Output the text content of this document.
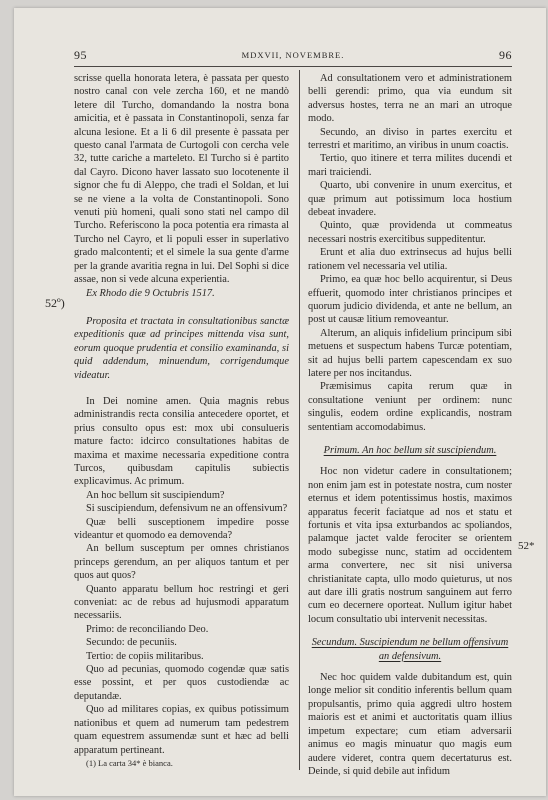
95	MDXVII, NOVEMBRE.	96
52º)
52*

scrisse quella honorata letera, è passata per questo nostro canal con vele zercha 160, et ne mandò letere dil Turcho, domandando la nostra bona amicitia, et è passata in Constantinopoli, senza far alcuna lesione. Et a li 6 dil presente è passata per questo canal l'armata de Curtogoli con cercha vele 32, tutte cariche a marteleto. El Turcho si è partito dal Cayro. Dicono haver lassato suo locotenente il signor che fu di Aleppo, che tradì el Soldan, et lui se ne viene a la volta de Constantinopoli. Sono venuti più homeni, quali sono stati nel campo dil Turcho. Referiscono la poca potentia era rimasta al Turcho nel Cayro, et li populi esser in superlativo grado malcontenti; et el simele la sua gente d'arme per la grande avaritia regna in lui. Del Sophi si dice assae, non si vede alcuna experientia.

Ex Rhodo die 9 Octubris 1517.

Proposita et tractata in consultationibus sanctæ expeditionis quæ ad principes mittenda visa sunt, eorum quoque prudentia et consilio examinanda, si quid addendum, minuendum, corrigendumque videatur.

In Dei nomine amen. Quia magnis rebus administrandis recta consilia antecedere oportet, et prius consulto opus est: mox ubi consulueris mature facto: idcirco consultationes habitas de maxima et maxime necessaria expeditione contra Turcos, quibusdam capitulis subiectis explicavimus. Ac primum.

An hoc bellum sit suscipiendum?

Si suscipiendum, defensivum ne an offensivum?

Quæ belli susceptionem impedire posse videantur et quomodo ea demovenda?

An bellum susceptum per omnes christianos princeps gerendum, an per aliquos tantum et per quos aut quos?

Quanto apparatu bellum hoc restringi et geri conveniat: ac de rebus ad hujusmodi apparatum necessariis.

Primo: de reconciliando Deo.

Secundo: de pecuniis.

Tertio: de copiis militaribus.

Quo ad pecunias, quomodo cogendæ quæ satis esse possint, et per quos custodiendæ ac deputandæ.

Quo ad militares copias, ex quibus potissimum nationibus et quem ad numerum tam pedestrem quam equestrem assumendæ sunt et hæc ad belli apparatum pertineant.

(1) La carta 34* è bianca.

Ad consultationem vero et administrationem belli gerendi: primo, qua via eundum sit adversus hostes, terra ne an mari an utroque modo.

Secundo, an diviso in partes exercitu et terrestri et maritimo, an viribus in unum coactis.

Tertio, quo itinere et terra milites ducendi et mari traiciendi.

Quarto, ubi convenire in unum exercitus, et quæ primum aut potissimum loca hostium debeat invadere.

Quinto, quæ providenda ut commeatus necessari nostris exercitibus suppeditentur.

Erunt et alia duo extrinsecus ad hujus belli rationem vel necessaria vel utilia.

Primo, ea quæ hoc bello acquirentur, si Deus effuerit, quomodo inter christianos principes et quorum judicio dividenda, et ante ne bellum, an post ut causæ litium removeantur.

Alterum, an aliquis infidelium principum sibi metuens et suspectum habens Turcæ potentiam, sit ad hujus belli partem capescendam ex suo latere per nos incitandus.

Præmisimus capita rerum quæ in consultatione veniunt per ordinem: nunc singulis, eodem ordine explicandis, nostram sententiam accomodabimus.

Primum. An hoc bellum sit suscipiendum.

Hoc non videtur cadere in consultationem; non enim jam est in potestate nostra, cum noster eternus et idem potentissimus hostis, maximos apparatus fecerit faciatque ad nos et statu et fortunis et vita ipsa exturbandos ac spoliandos, palamque jactet valde ferociter se orientem modo subegisse nunc, statim ad occidentem arma convertere, nec sit nisi universa christianitate capta, ullo modo quieturus, ut nos aut dare illi gratis nostrum sanguinem aut ferro cum eo decernere oporteat. Nullum igitur habet locum consultatio ubi intervenit necessitas.

Secundum. Suscipiendum ne bellum offensivum an defensivum.

Nec hoc quidem valde dubitandum est, quin longe melior sit conditio inferentis bellum quam propulsantis, primo quia aggredi ultro hostem maioris est et animi et auctoritatis quam illius impetum expectare; cum etiam adversarii animus eo magis minuatur quo magis eum audere videret, contra quem decertaturus est. Deinde, si quid debile aut infidum
